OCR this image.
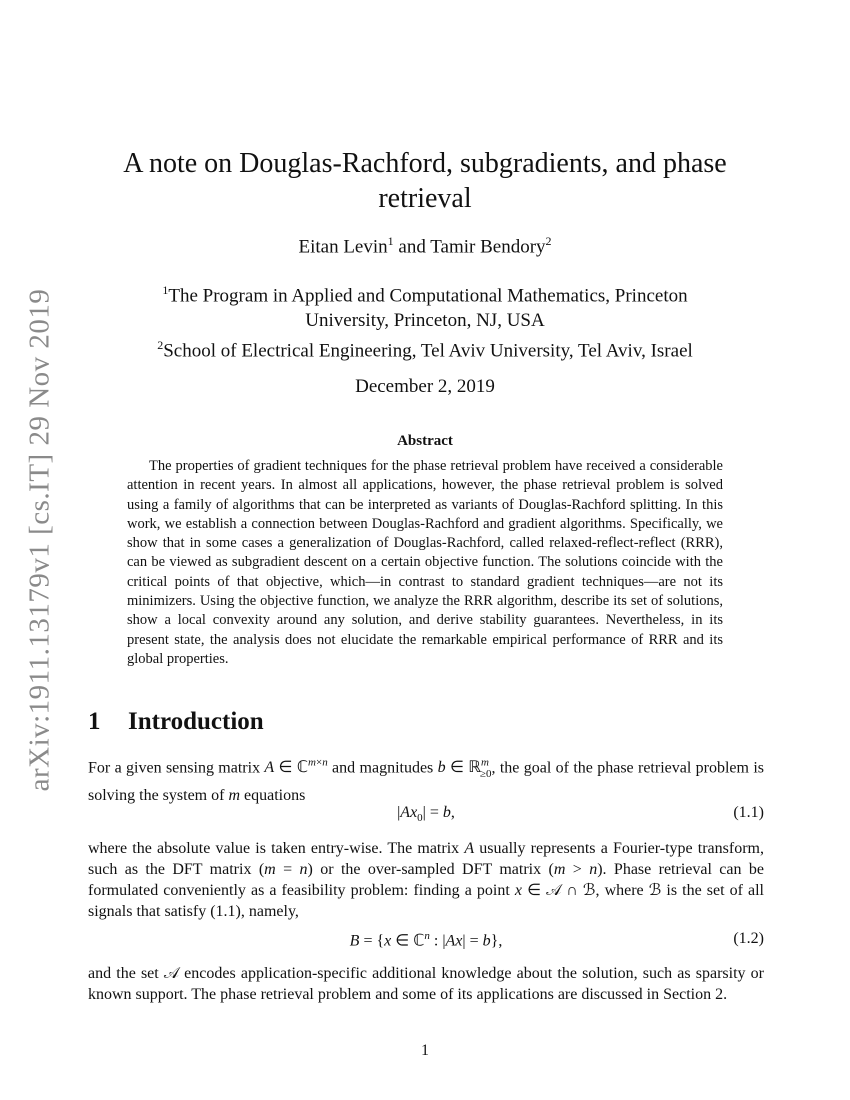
arXiv:1911.13179v1 [cs.IT] 29 Nov 2019
A note on Douglas-Rachford, subgradients, and phase
retrieval
Eitan Levin$^1$ and Tamir Bendory$^2$
$^1$The Program in Applied and Computational Mathematics, Princeton
University, Princeton, NJ, USA
$^2$School of Electrical Engineering, Tel Aviv University, Tel Aviv, Israel
December 2, 2019
Abstract

The properties of gradient techniques for the phase retrieval problem have received a considerable attention in recent years. In almost all applications, however, the phase retrieval problem is solved using a family of algorithms that can be interpreted as variants of Douglas-Rachford splitting. In this work, we establish a connection between Douglas-Rachford and gradient algorithms. Specifically, we show that in some cases a generalization of Douglas-Rachford, called relaxed-reflect-reflect (RRR), can be viewed as subgradient descent on a certain objective function. The solutions coincide with the critical points of that objective, which—in contrast to standard gradient techniques—are not its minimizers. Using the objective function, we analyze the RRR algorithm, describe its set of solutions, show a local convexity around any solution, and derive stability guarantees. Nevertheless, in its present state, the analysis does not elucidate the remarkable empirical performance of RRR and its global properties.

1 Introduction

For a given sensing matrix A ∈ ℂ$^{m\times n}$ and magnitudes b ∈ ℝ$^m_{\ge 0}$, the goal of the phase retrieval problem is solving the system of m equations

$|Ax_0| = b$,	(1.1)

where the absolute value is taken entry-wise. The matrix A usually represents a Fourier-type transform, such as the DFT matrix (m = n) or the over-sampled DFT matrix (m > n). Phase retrieval can be formulated conveniently as a feasibility problem: finding a point x ∈ 𝒜 ∩ ℬ, where ℬ is the set of all signals that satisfy (1.1), namely,

B = {x ∈ ℂ$^n$ : |Ax| = b},	(1.2)

and the set 𝒜 encodes application-specific additional knowledge about the solution, such as sparsity or known support. The phase retrieval problem and some of its applications are discussed in Section 2.

1
